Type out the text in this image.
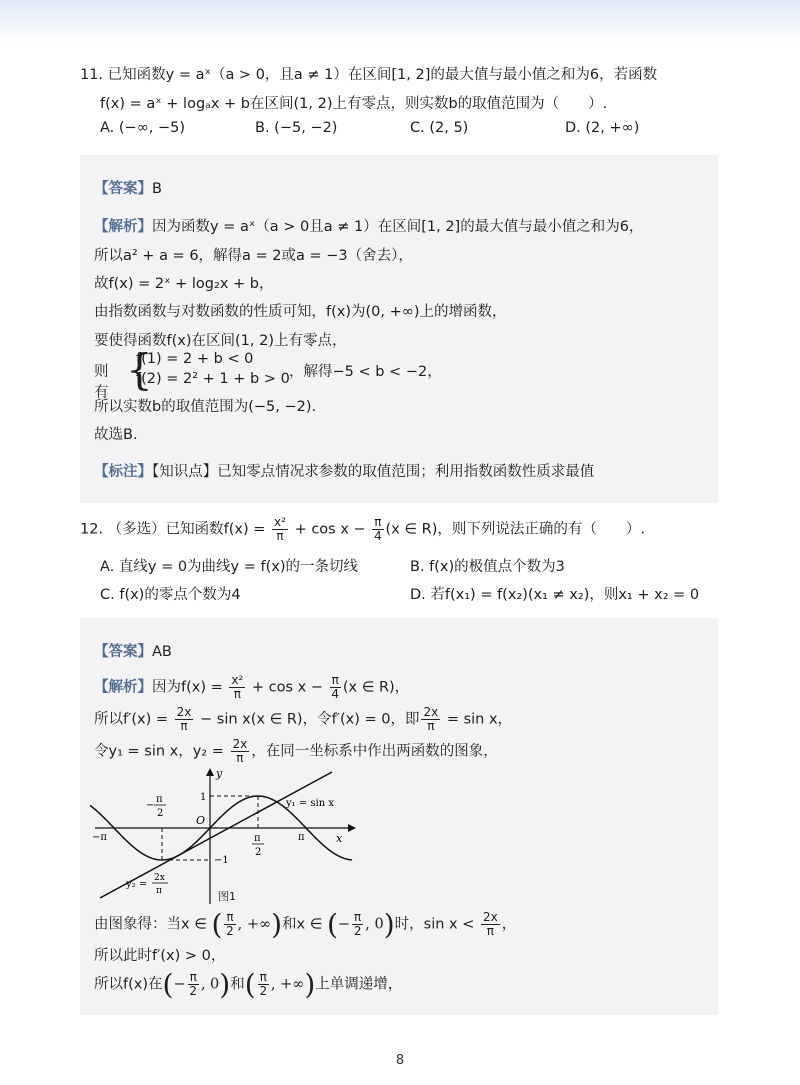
11. 已知函数y = aˣ（a > 0，且a ≠ 1）在区间[1, 2]的最大值与最小值之和为6，若函数
f(x) = aˣ + logₐx + b在区间(1, 2)上有零点，则实数b的取值范围为（　　）.
A. (−∞, −5)	B. (−5, −2)	C. (2, 5)	D. (2, +∞)
【答案】B
【解析】因为函数y = aˣ（a > 0且a ≠ 1）在区间[1, 2]的最大值与最小值之和为6，
所以a² + a = 6，解得a = 2或a = −3（舍去），
故f(x) = 2ˣ + log₂x + b，
由指数函数与对数函数的性质可知，f(x)为(0, +∞)上的增函数，
要使得函数f(x)在区间(1, 2)上有零点，
则有 {
f(1) = 2 + b < 0
f(2) = 2² + 1 + b > 0 ，解得−5 < b < −2，
所以实数b的取值范围为(−5, −2).
故选B.
【标注】【知识点】已知零点情况求参数的取值范围；利用指数函数性质求最值
12. （多选）已知函数$f(x) = \frac{\text{x²}}{\pi} + \cos x - \frac{\pi}{4} (x$ ∈ R)，则下列说法正确的有（　　）.
A. 直线y = 0为曲线y = f(x)的一条切线	B. f(x)的极值点个数为3
C. f(x)的零点个数为4	D. 若f(x₁) = f(x₂)(x₁ ≠ x₂)，则x₁ + x₂ = 0
【答案】AB
【解析】因为$f(x) = \frac{\text{x²}}{\pi} + \cos x - \frac{\pi}{4} (x$ ∈ R)，
所以$f'(x) = \frac{2x}{\pi} - \sin x(x$ ∈ R)，令f′(x) = 0，即 $\frac{2x}{\pi} = \sin x$，
令y₁ = sin x，$y_2 = \frac{2x}{\pi}$ ，在同一坐标系中作出两函数的图象，
y
x
O
1
−1
−π	π
π
2
−
π
2
y₁ = sin x
y₂ =
2x
π	图1
由图象得：当x ∈ ( $\frac{\pi}{2}$ , +∞)和x ∈ (− $\frac{\pi}{2}$ , 0)时，$\sin x < \frac{2x}{\pi}$ ，
所以此时f′(x) > 0，
所以f(x)在(− $\frac{\pi}{2}$ , 0)和( $\frac{\pi}{2}$ , +∞)上单调递增，
8
